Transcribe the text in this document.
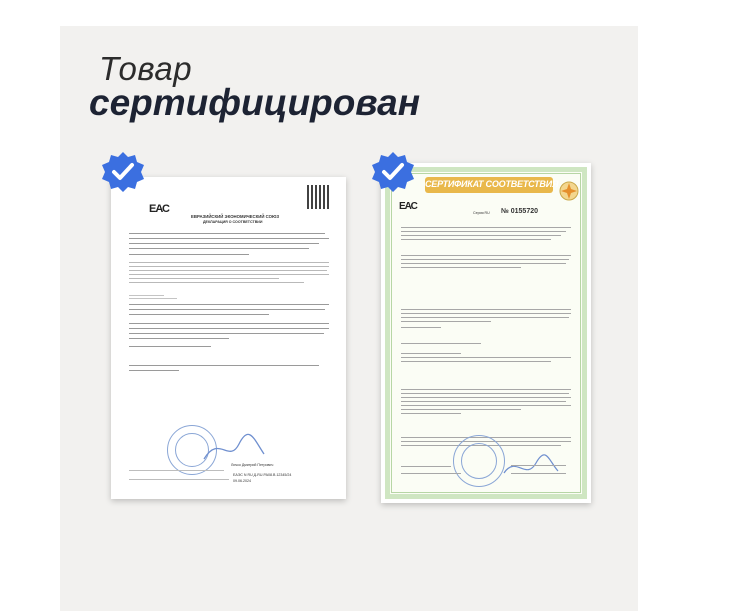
Товар
сертифицирован
ЕАС
ЕВРАЗИЙСКИЙ ЭКОНОМИЧЕСКИЙ СОЮЗ
ДЕКЛАРАЦИЯ О СООТВЕТСТВИИ
Личко Дмитрий Петрович
ЕАЭС N RU Д-RU.РА08.В.12345/24
09.06.2024
СЕРТИФИКАТ СООТВЕТСТВИЯ
ЕАС	№ 0155720
Серия RU
